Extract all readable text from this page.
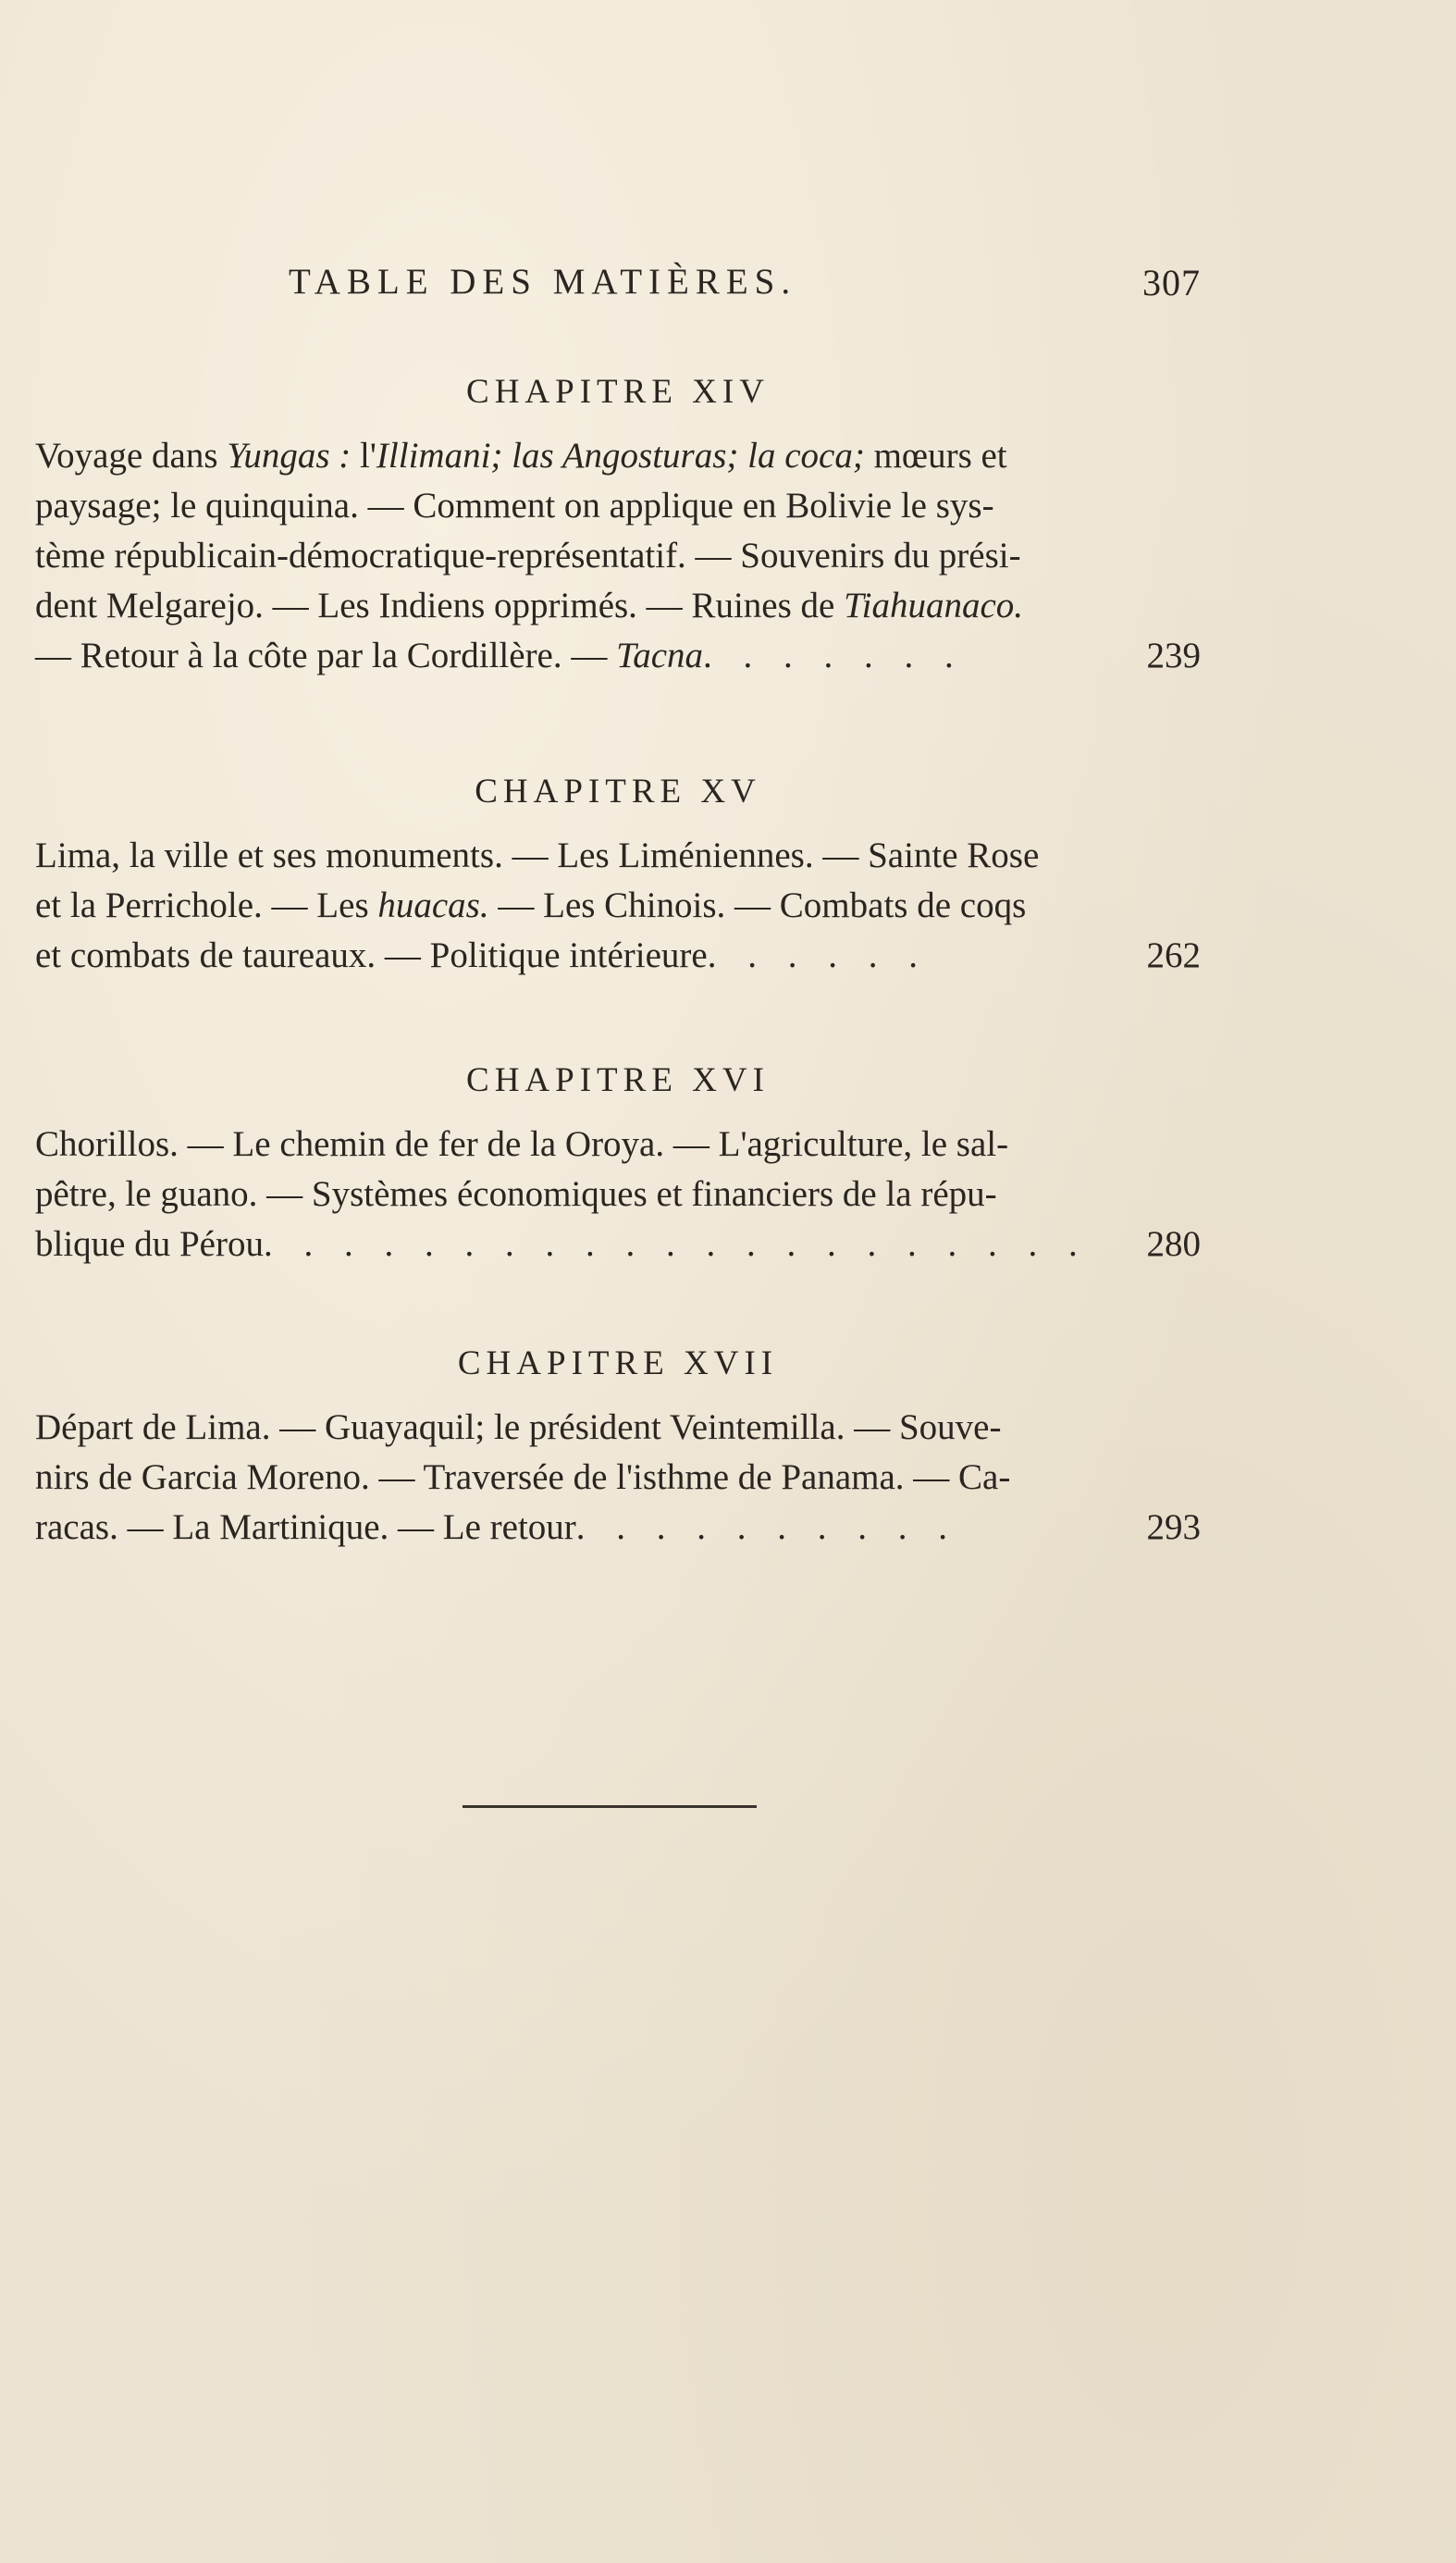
TABLE DES MATIÈRES.	307
CHAPITRE XIV
Voyage dans Yungas : l'Illimani; las Angosturas; la coca; mœurs et
paysage; le quinquina. — Comment on applique en Bolivie le sys-
tème républicain-démocratique-représentatif. — Souvenirs du prési-
dent Melgarejo. — Les Indiens opprimés. — Ruines de Tiahuanaco.
— Retour à la côte par la Cordillère. — Tacna. . . . . . .	239
CHAPITRE XV
Lima, la ville et ses monuments. — Les Liméniennes. — Sainte Rose
et la Perrichole. — Les huacas. — Les Chinois. — Combats de coqs
et combats de taureaux. — Politique intérieure. . . . . .	262
CHAPITRE XVI
Chorillos. — Le chemin de fer de la Oroya. — L'agriculture, le sal-
pêtre, le guano. — Systèmes économiques et financiers de la répu-
blique du Pérou. . . . . . . . . . . . . . . . . . . . . 280
CHAPITRE XVII
Départ de Lima. — Guayaquil; le président Veintemilla. — Souve-
nirs de Garcia Moreno. — Traversée de l'isthme de Panama. — Ca-
racas. — La Martinique. — Le retour. . . . . . . . . .	293
